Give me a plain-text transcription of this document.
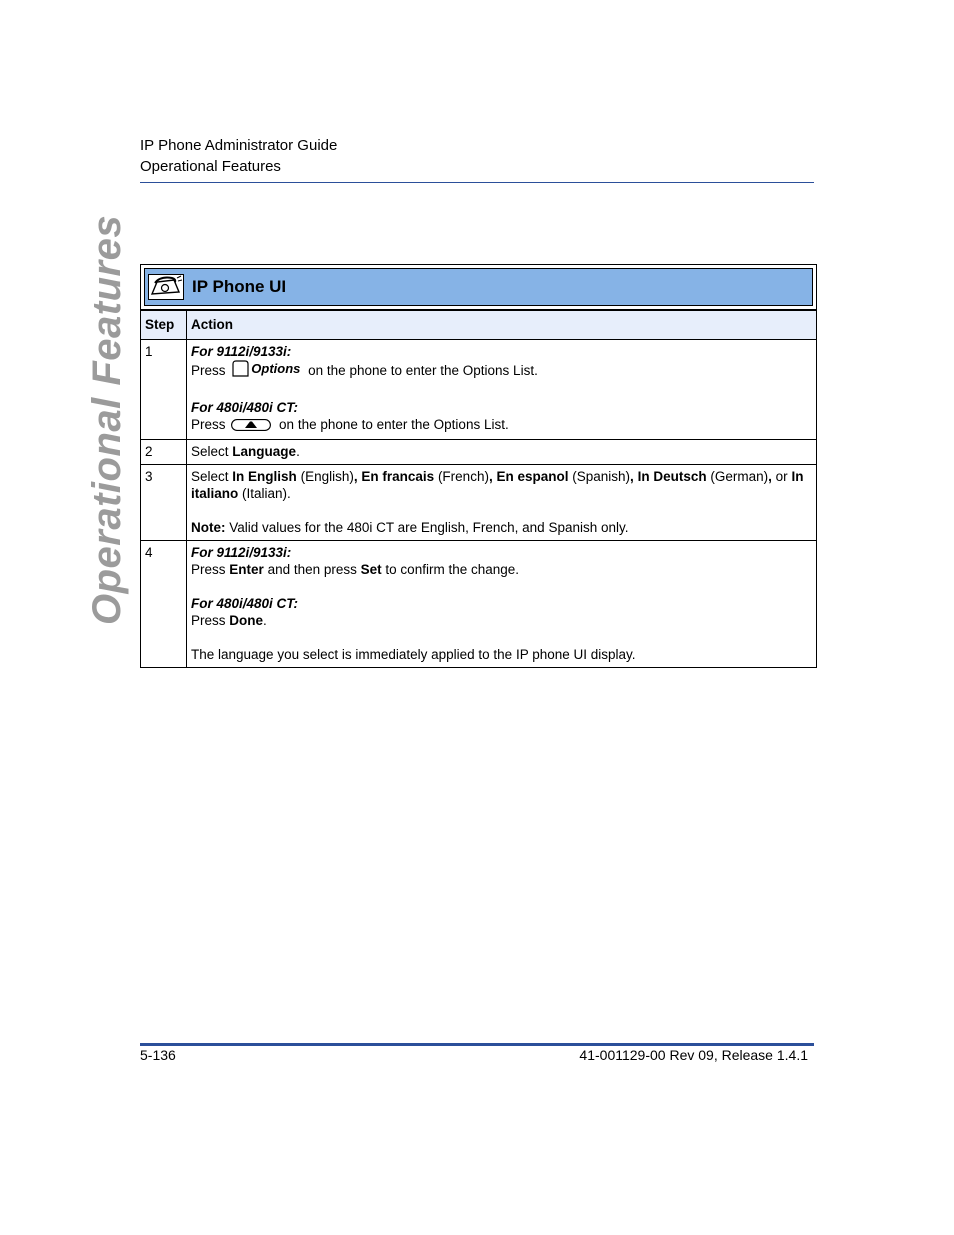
IP Phone Administrator Guide
Operational Features
Operational Features	IP Phone UI
Step	Action
1	For 9112i/9133i:
Press Options on the phone to enter the Options List.
For 480i/480i CT:
Press on the phone to enter the Options List.

2	Select Language.
3	Select In English (English), En francais (French), En espanol (Spanish), In Deutsch (German), or In italiano (Italian).
Note: Valid values for the 480i CT are English, French, and Spanish only.

4	For 9112i/9133i:
Press Enter and then press Set to confirm the change.
For 480i/480i CT:
Press Done.
The language you select is immediately applied to the IP phone UI display.
5-136	41-001129-00 Rev 09, Release 1.4.1
